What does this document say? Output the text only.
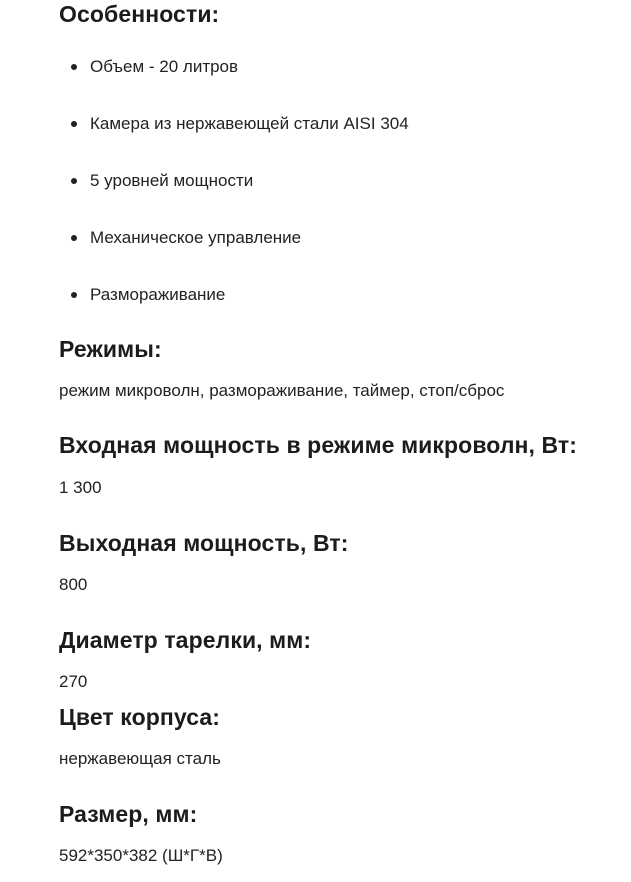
Особенности:
Объем - 20 литров
Камера из нержавеющей стали AISI 304
5 уровней мощности
Механическое управление
Размораживание
Режимы:

режим микроволн, размораживание, таймер, стоп/сброс

Входная мощность в режиме микроволн, Вт:

1 300

Выходная мощность, Вт:

800

Диаметр тарелки, мм:

270

Цвет корпуса:

нержавеющая сталь

Размер, мм:

592*350*382 (Ш*Г*В)
